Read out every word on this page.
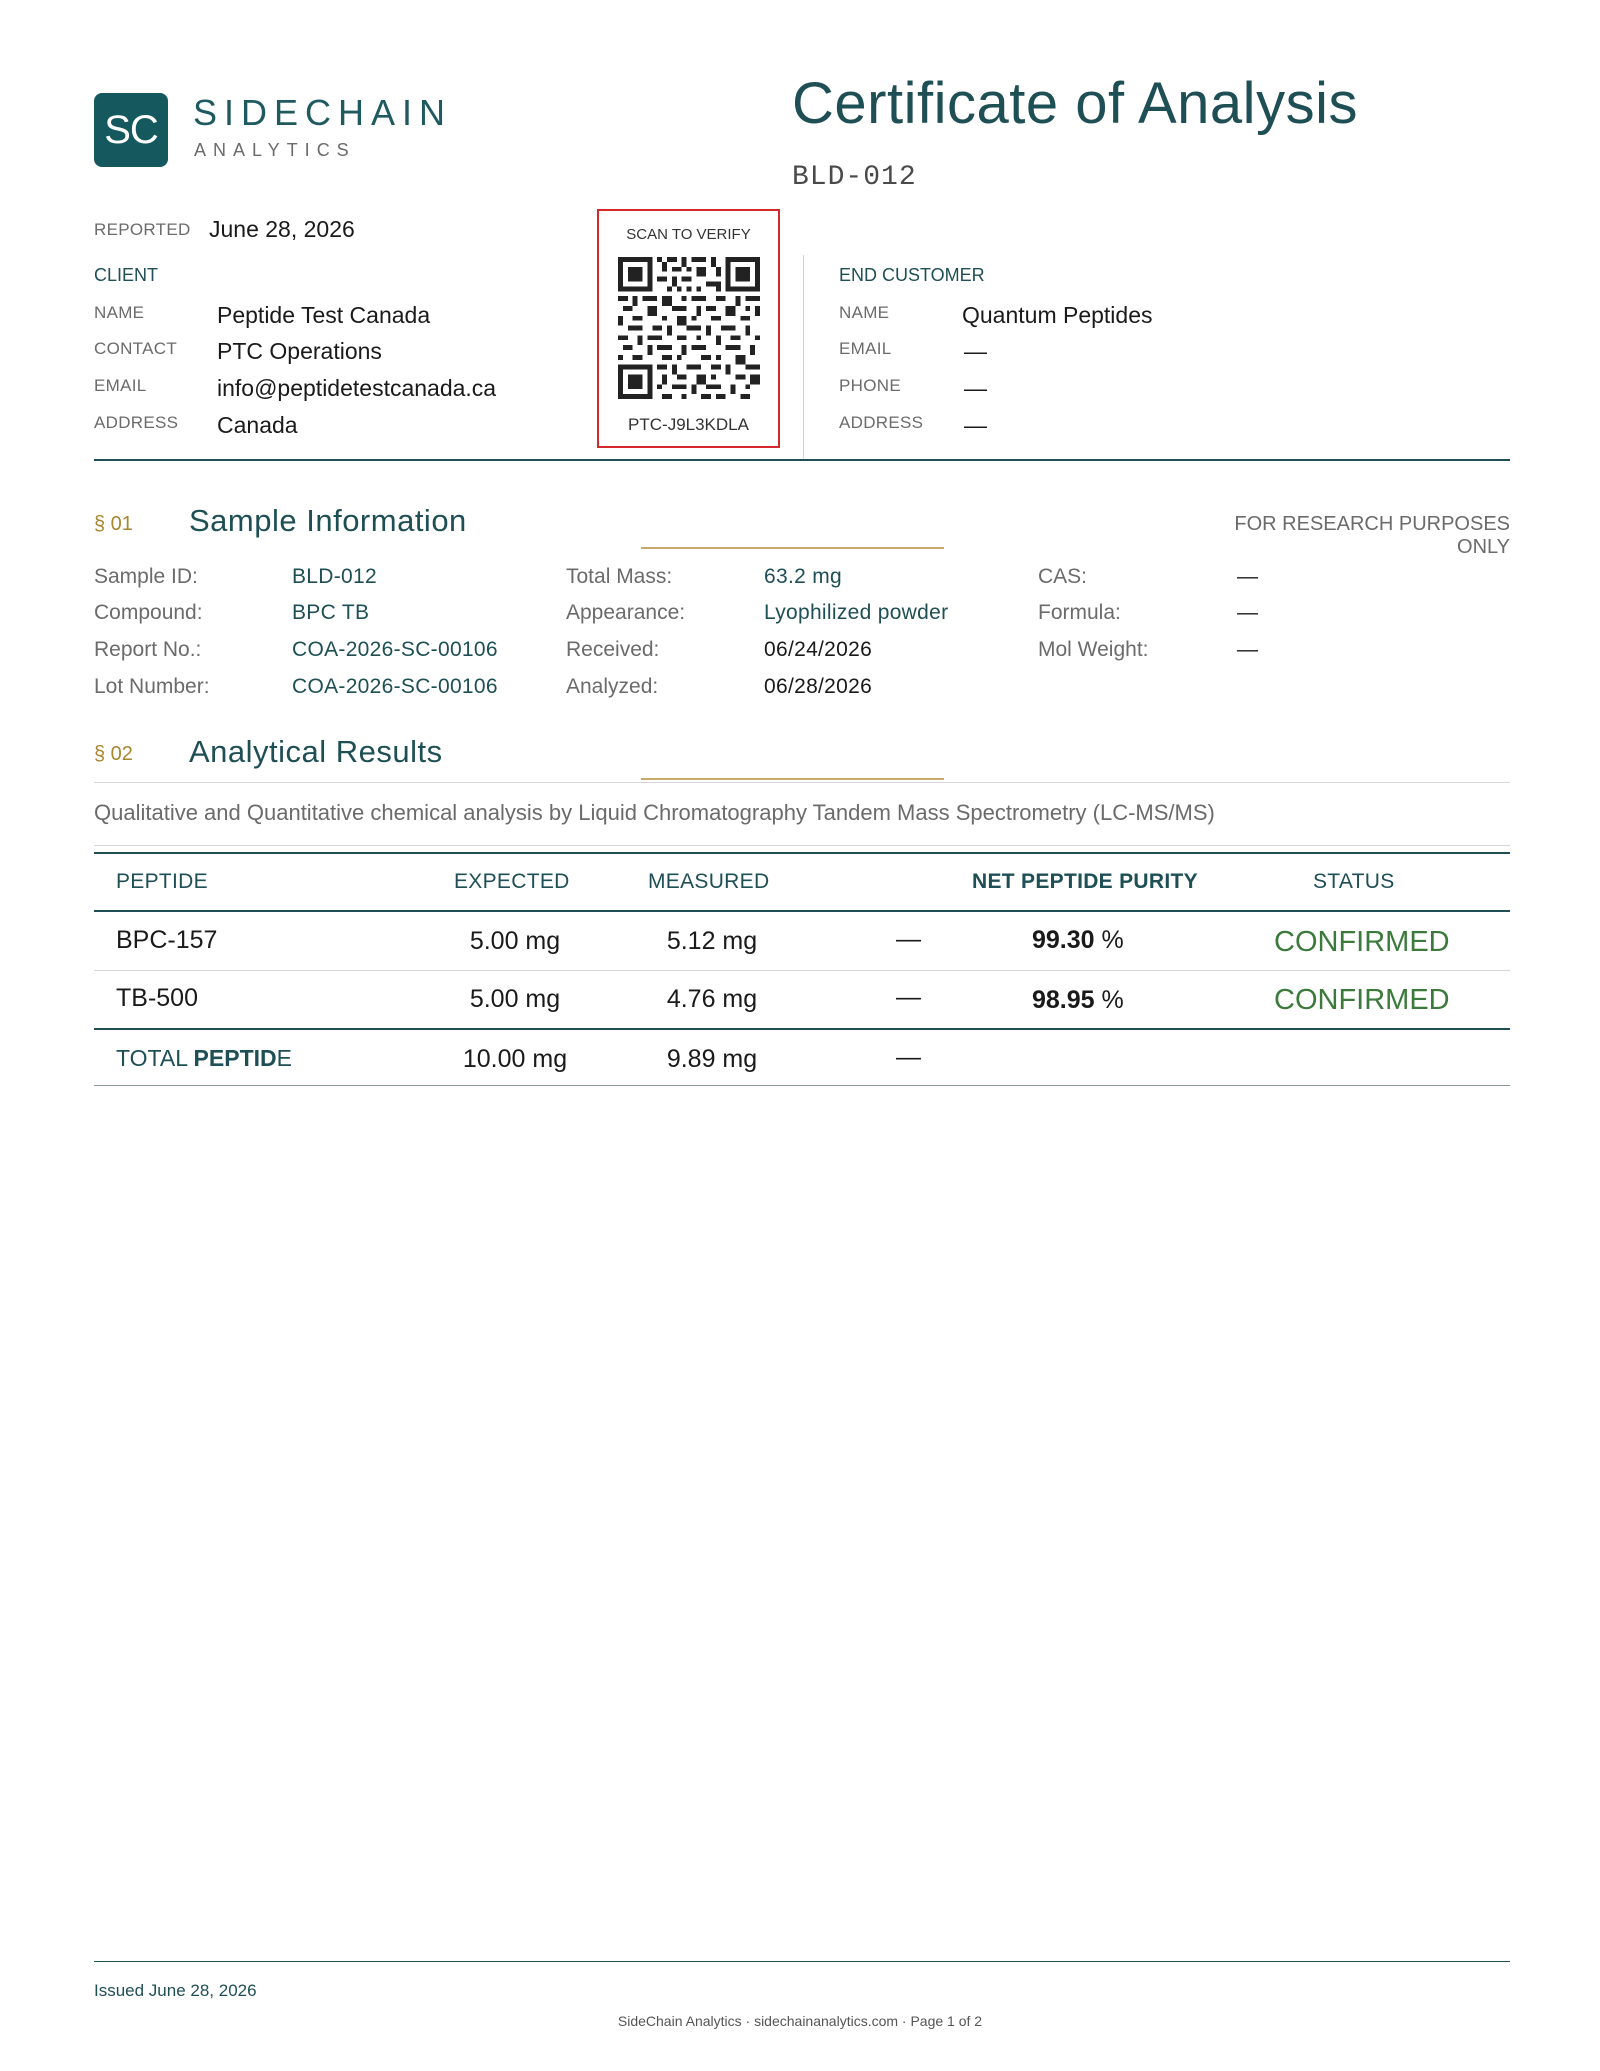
SC SIDECHAIN
ANALYTICS
Certificate of Analysis
BLD-012
REPORTED June 28, 2026
CLIENT
NAME	Peptide Test Canada
CONTACT PTC Operations
EMAIL	info@peptidetestcanada.ca
ADDRESS Canada
SCAN TO VERIFY
PTC-J9L3KDLA
END CUSTOMER
NAME	Quantum Peptides
EMAIL	—
PHONE	—
ADDRESS —
§ 01 Sample Information	FOR RESEARCH PURPOSES ONLY
Sample ID:	BLD-012
Compound:	BPC TB
Report No.:	COA-2026-SC-00106
Lot Number:	COA-2026-SC-00106
Total Mass:	63.2 mg
Appearance:	Lyophilized powder
Received:	06/24/2026
Analyzed:	06/28/2026
CAS:	—
Formula:	—
Mol Weight:	—
§ 02 Analytical Results
Qualitative and Quantitative chemical analysis by Liquid Chromatography Tandem Mass Spectrometry (LC-MS/MS)
PEPTIDE	EXPECTED	MEASURED	NET PEPTIDE PURITY	STATUS
BPC-157	5.00 mg	5.12 mg	—	99.30 %	CONFIRMED
TB-500	5.00 mg	4.76 mg	—	98.95 %	CONFIRMED
TOTAL PEPTIDE	10.00 mg	9.89 mg	—
Issued June 28, 2026
SideChain Analytics · sidechainanalytics.com · Page 1 of 2
